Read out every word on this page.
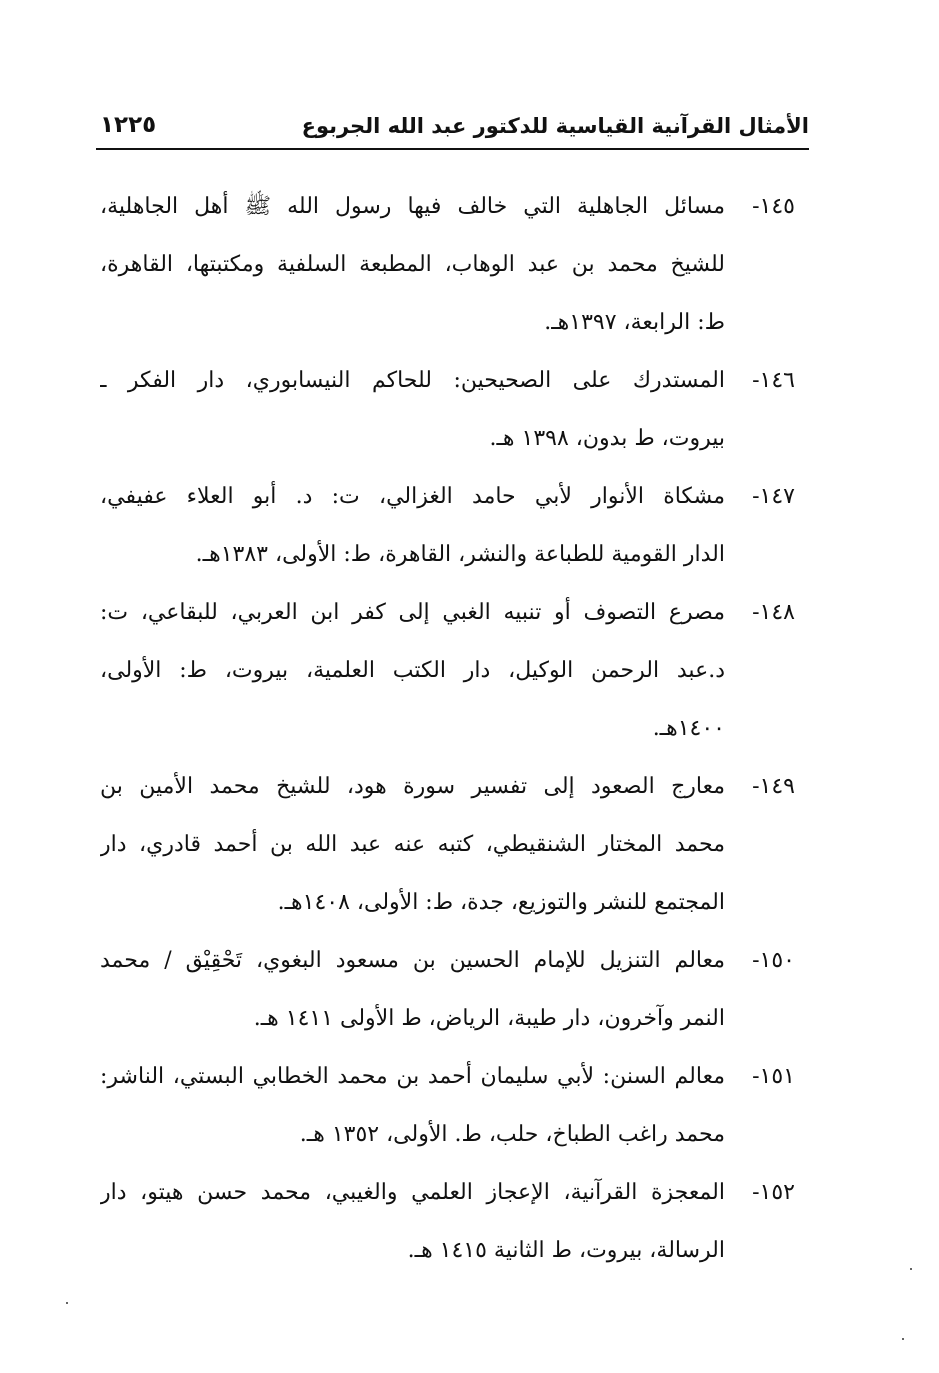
الأمثال القرآنية القياسية للدكتور عبد الله الجربوع
١٢٢٥
١٤٥-
مسائل الجاهلية التي خالف فيها رسول الله ﷺ أهل الجاهلية،
للشيخ محمد بن عبد الوهاب، المطبعة السلفية ومكتبتها، القاهرة،
ط: الرابعة، ١٣٩٧هـ.
١٤٦-
المستدرك على الصحيحين: للحاكم النيسابوري، دار الفكر ـ
بيروت، ط بدون، ١٣٩٨ هـ.
١٤٧-
مشكاة الأنوار لأبي حامد الغزالي، ت: د. أبو العلاء عفيفي،
الدار القومية للطباعة والنشر، القاهرة، ط: الأولى، ١٣٨٣هـ.
١٤٨-
مصرع التصوف أو تنبيه الغبي إلى كفر ابن العربي، للبقاعي، ت:
د.عبد الرحمن الوكيل، دار الكتب العلمية، بيروت، ط: الأولى،
١٤٠٠هـ.
١٤٩-
معارج الصعود إلى تفسير سورة هود، للشيخ محمد الأمين بن
محمد المختار الشنقيطي، كتبه عنه عبد الله بن أحمد قادري، دار
المجتمع للنشر والتوزيع، جدة، ط: الأولى، ١٤٠٨هـ.
١٥٠-
معالم التنزيل للإمام الحسين بن مسعود البغوي، تَحْقِيْق / محمد
النمر وآخرون، دار طيبة، الرياض، ط الأولى ١٤١١ هـ.
١٥١-
معالم السنن: لأبي سليمان أحمد بن محمد الخطابي البستي، الناشر:
محمد راغب الطباخ، حلب، ط. الأولى، ١٣٥٢ هـ.
١٥٢-
المعجزة القرآنية، الإعجاز العلمي والغيبي، محمد حسن هيتو، دار
الرسالة، بيروت، ط الثانية ١٤١٥ هـ.
